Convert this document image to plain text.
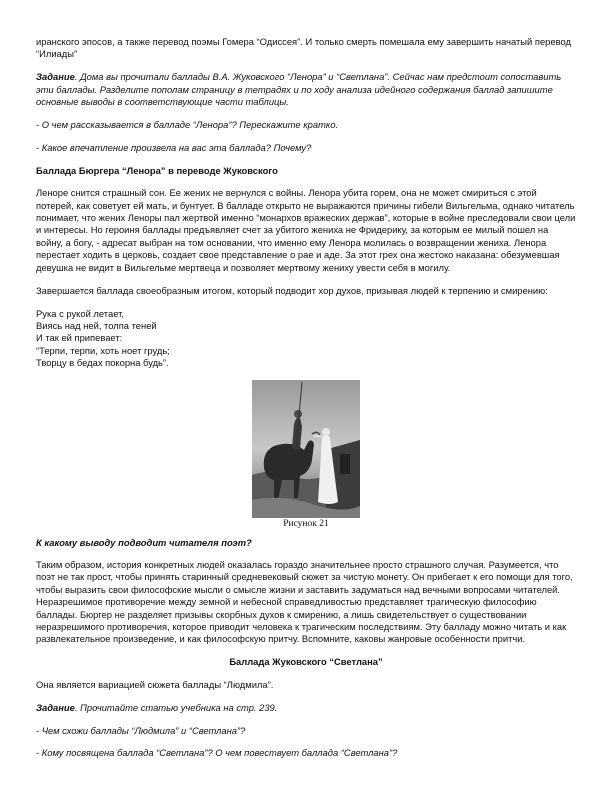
иранского эпосов, а также перевод поэмы Гомера “Одиссея”. И только смерть помешала ему завершить начатый перевод “Илиады”

Задание. Дома вы прочитали баллады В.А. Жуковского “Ленора” и “Светлана”. Сейчас нам предстоит сопоставить эти баллады. Разделите пополам страницу в тетрадях и по ходу анализа идейного содержания баллад запишите основные выводы в соответствующие части таблицы.

- О чем рассказывается в балладе “Ленора”? Перескажите кратко.

- Какое впечатление произвела на вас эта баллада? Почему?

Баллада Бюргера “Ленора” в переводе Жуковского

Леноре снится страшный сон. Ее жених не вернулся с войны. Ленора убита горем, она не может смириться с этой потерей, как советует ей мать, и бунтует. В балладе открыто не выражаются причины гибели Вильгельма, однако читатель понимает, что жених Леноры пал жертвой именно “монархов вражеских держав”, которые в войне преследовали свои цели и интересы. Но героиня баллады предъявляет счет за убитого жениха не Фридерику, за которым ее милый пошел на войну, а богу, - адресат выбран на том основании, что именно ему Ленора молилась о возвращении жениха. Ленора перестает ходить в церковь, создает свое представление о рае и аде. За этот грех она жестоко наказана: обезумевшая девушка не видит в Вильгельме мертвеца и позволяет мертвому жениху увести себя в могилу.

Завершается баллада своеобразным итогом, который подводит хор духов, призывая людей к терпению и смирению:

Рука с рукой летает,
Виясь над ней, толпа теней
И так ей припевает:
“Терпи, терпи, хоть ноет грудь;
Творцу в бедах покорна будь”.
Рисунок 21
К какому выводу подводит читателя поэт?

Таким образом, история конкретных людей оказалась гораздо значительнее просто страшного случая. Разумеется, что поэт не так прост, чтобы принять старинный средневековый сюжет за чистую монету. Он прибегает к его помощи для того, чтобы выразить свои философские мысли о смысле жизни и заставить задуматься над вечными вопросами читателей. Неразрешимое противоречие между земной и небесной справедливостью представляет трагическую философию баллады. Бюргер не разделяет призывы скорбных духов к смирению, а лишь свидетельствует о существовании неразрешимого противоречия, которое приводит человека к трагическим последствиям. Эту балладу можно читать и как развлекательное произведение, и как философскую притчу. Вспомните, каковы жанровые особенности притчи.

Баллада Жуковского “Светлана”

Она является вариацией сюжета баллады “Людмила”.

Задание. Прочитайте статью учебника на стр. 239.

- Чем схожи баллады “Людмила” и “Светлана”?

- Кому посвящена баллада “Светлана”? О чем повествует баллада “Светлана”?
